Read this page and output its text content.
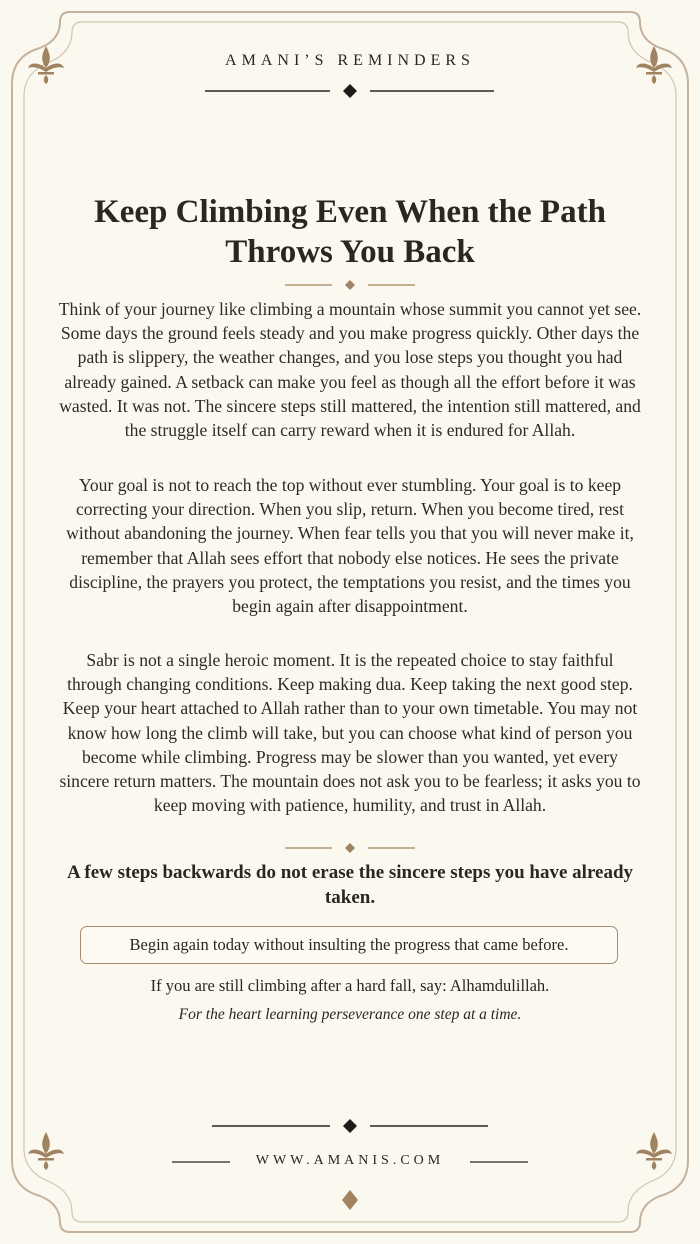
AMANI’S REMINDERS
Keep Climbing Even When the Path Throws You Back

Think of your journey like climbing a mountain whose summit you cannot yet see. Some days the ground feels steady and you make progress quickly. Other days the path is slippery, the weather changes, and you lose steps you thought you had already gained. A setback can make you feel as though all the effort before it was wasted. It was not. The sincere steps still mattered, the intention still mattered, and the struggle itself can carry reward when it is endured for Allah.

Your goal is not to reach the top without ever stumbling. Your goal is to keep correcting your direction. When you slip, return. When you become tired, rest without abandoning the journey. When fear tells you that you will never make it, remember that Allah sees effort that nobody else notices. He sees the private discipline, the prayers you protect, the temptations you resist, and the times you begin again after disappointment.

Sabr is not a single heroic moment. It is the repeated choice to stay faithful through changing conditions. Keep making dua. Keep taking the next good step. Keep your heart attached to Allah rather than to your own timetable. You may not know how long the climb will take, but you can choose what kind of person you become while climbing. Progress may be slower than you wanted, yet every sincere return matters. The mountain does not ask you to be fearless; it asks you to keep moving with patience, humility, and trust in Allah.

A few steps backwards do not erase the sincere steps you have already taken.
Begin again today without insulting the progress that came before.
If you are still climbing after a hard fall, say: Alhamdulillah.
For the heart learning perseverance one step at a time.
WWW.AMANIS.COM
